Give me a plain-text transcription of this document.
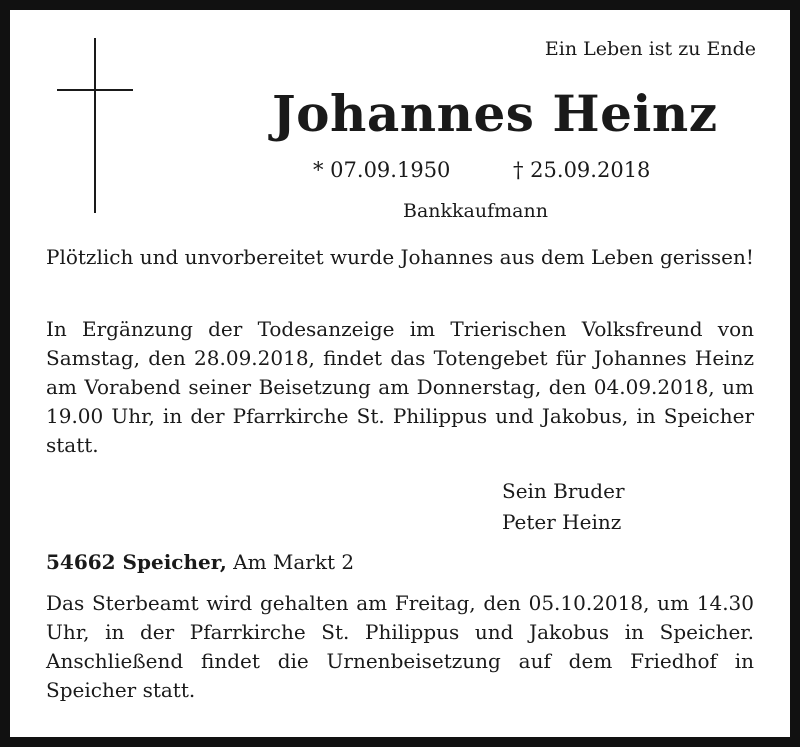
Ein Leben ist zu Ende
Johannes Heinz
* 07.09.1950	† 25.09.2018
Bankkaufmann

Plötzlich und unvorbereitet wurde Johannes aus dem Leben gerissen!

In Ergänzung der Todesanzeige im Trierischen Volksfreund von Samstag, den 28.09.2018, findet das Totengebet für Johannes Heinz am Vorabend seiner Beisetzung am Donnerstag, den 04.09.2018, um 19.00 Uhr, in der Pfarrkirche St. Philippus und Jakobus, in Speicher statt.

Sein Bruder
Peter Heinz
54662 Speicher, Am Markt 2

Das Sterbeamt wird gehalten am Freitag, den 05.10.2018, um 14.30 Uhr, in der Pfarrkirche St. Philippus und Jakobus in Speicher. Anschließend findet die Urnenbeisetzung auf dem Friedhof in Speicher statt.
